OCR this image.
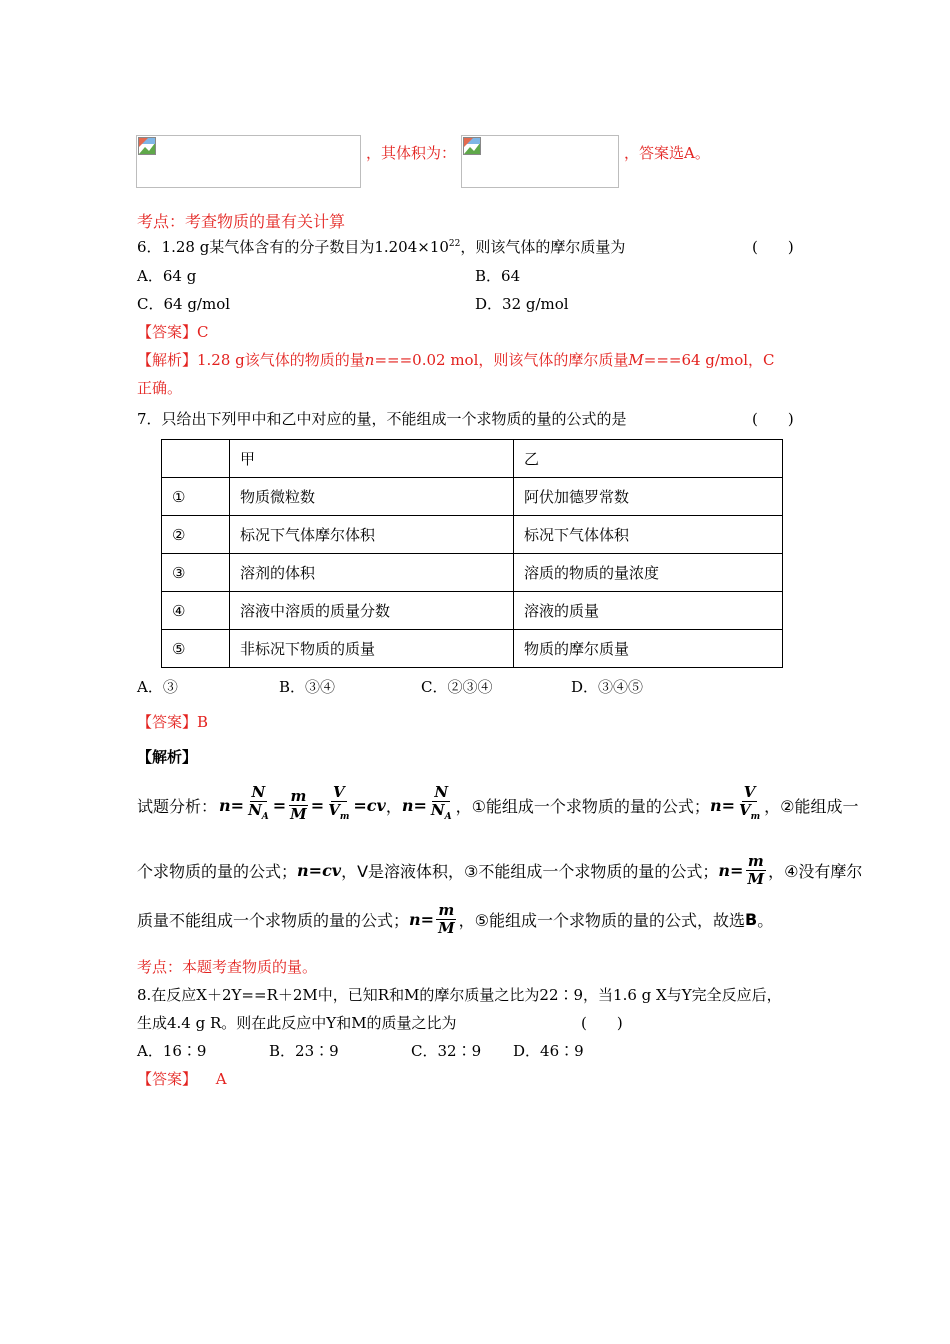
，其体积为：	，答案选A。
考点：考查物质的量有关计算
6．1.28 g某气体含有的分子数目为$1.204\times 10^{22}$，则该气体的摩尔质量为	(　　)
A．64 g	B．64
C．64 g/mol	D．32 g/mol
【答案】C
【解析】1.28 g该气体的物质的量n===0.02 mol，则该气体的摩尔质量M===64 g/mol，C
正确。
7．只给出下列甲中和乙中对应的量，不能组成一个求物质的量的公式的是	(　　)
	甲	乙
①	物质微粒数	阿伏加德罗常数
②	标况下气体摩尔体积	标况下气体体积
③	溶剂的体积	溶质的物质的量浓度
④	溶液中溶质的质量分数	溶液的质量
⑤	非标况下物质的质量	物质的摩尔质量
A．③	B．③④	C．②③④	D．③④⑤
【答案】B
【解析】
试题分析： $n = \frac{N}{N_A} = \frac{m}{M} = \frac{V}{V_m}$ = cv ， $n = \frac{N}{N_A}$ ，①能组成一个求物质的量的公式； $n = \frac{V}{V_m}$ ，②能组成一
个求物质的量的公式； n = cv ，V是溶液体积，③不能组成一个求物质的量的公式； $n = \frac{m}{M}$ ，④没有摩尔
质量不能组成一个求物质的量的公式； $n = \frac{m}{M}$ ，⑤能组成一个求物质的量的公式，故选 B 。
考点：本题考查物质的量。
8.在反应X＋2Y==R＋2M中，已知R和M的摩尔质量之比为22∶9，当1.6 g X与Y完全反应后，
生成4.4 g R。则在此反应中Y和M的质量之比为	(　　)
A．16∶9	B．23∶9	C．32∶9 D．46∶9
【答案】 A
